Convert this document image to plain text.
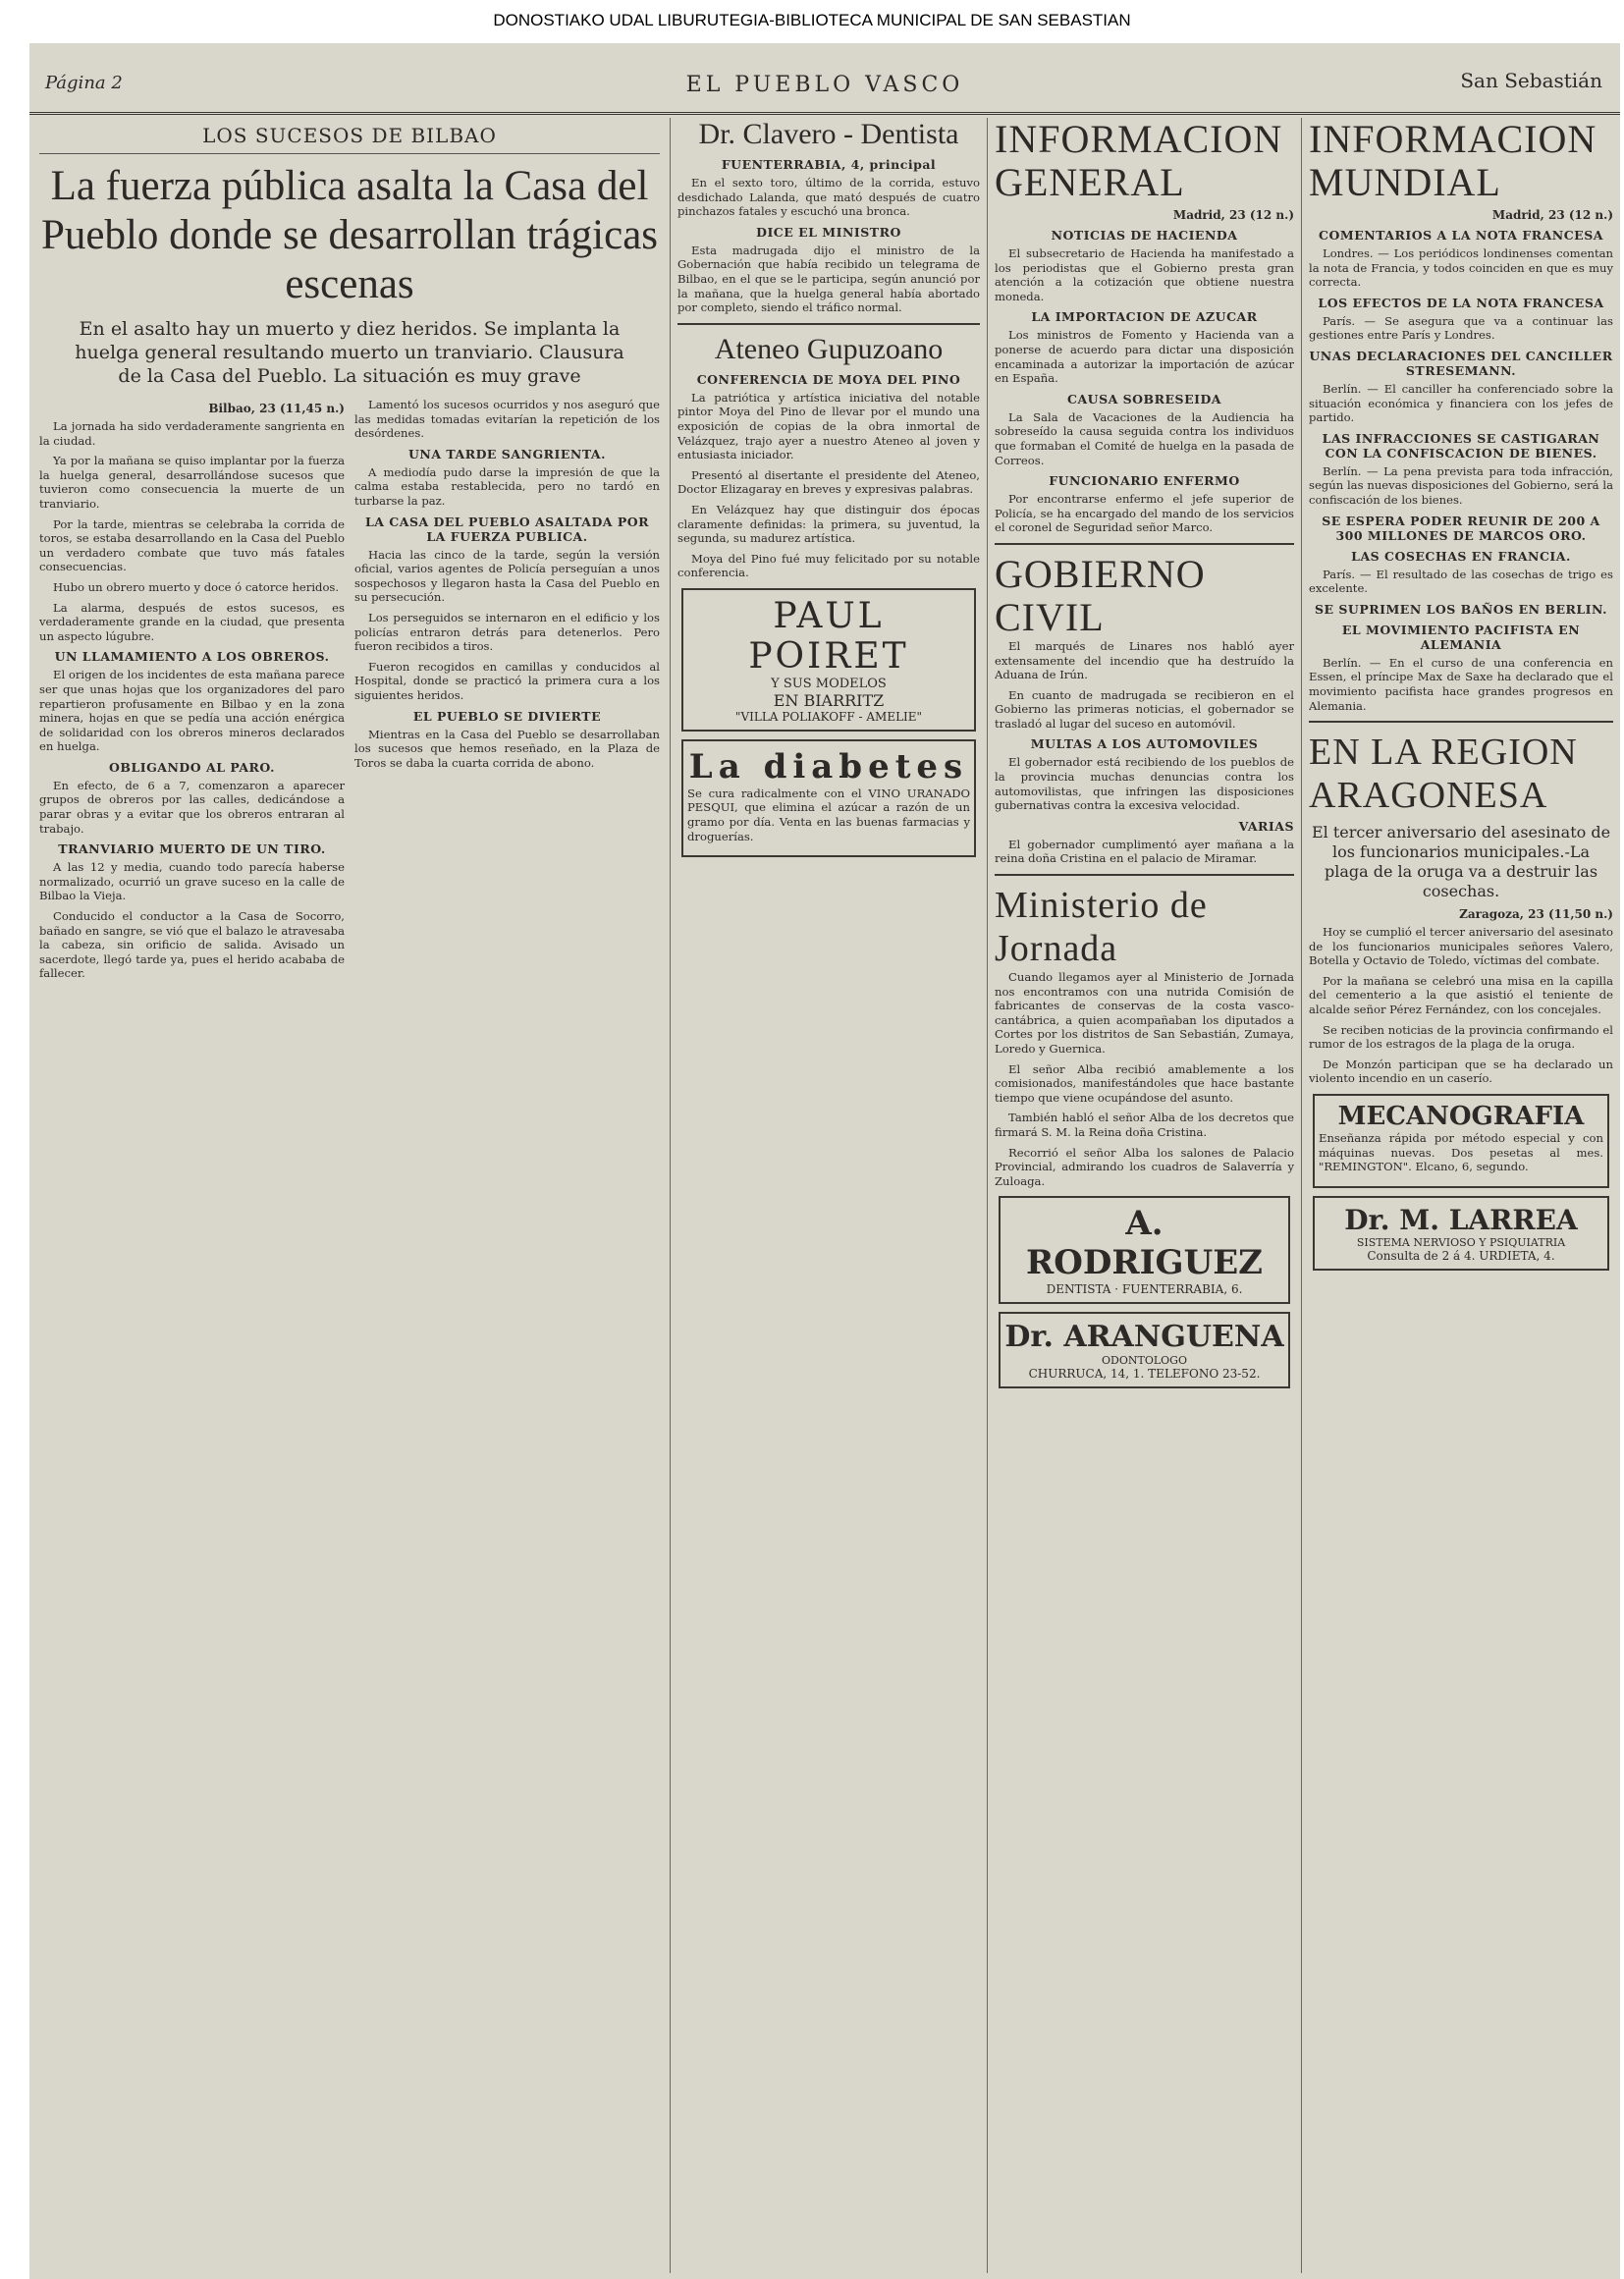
DONOSTIAKO UDAL LIBURUTEGIA-BIBLIOTECA MUNICIPAL DE SAN SEBASTIAN
Página 2	EL PUEBLO VASCO	San Sebastián
LOS SUCESOS DE BILBAO
La fuerza pública asalta la Casa del Pueblo donde se desarrollan trágicas escenas
En el asalto hay un muerto y diez heridos. Se implanta la huelga general resultando muerto un tranviario. Clausura de la Casa del Pueblo. La situación es muy grave
Bilbao, 23 (11,45 n.)

La jornada ha sido verdaderamente sangrienta en la ciudad.

Ya por la mañana se quiso implantar por la fuerza la huelga general, desarrollándose sucesos que tuvieron como consecuencia la muerte de un tranviario.

Por la tarde, mientras se celebraba la corrida de toros, se estaba desarrollando en la Casa del Pueblo un verdadero combate que tuvo más fatales consecuencias.

Hubo un obrero muerto y doce ó catorce heridos.

La alarma, después de estos sucesos, es verdaderamente grande en la ciudad, que presenta un aspecto lúgubre.

UN LLAMAMIENTO A LOS OBREROS.

El origen de los incidentes de esta mañana parece ser que unas hojas que los organizadores del paro repartieron profusamente en Bilbao y en la zona minera, hojas en que se pedía una acción enérgica de solidaridad con los obreros mineros declarados en huelga.

OBLIGANDO AL PARO.

En efecto, de 6 a 7, comenzaron a aparecer grupos de obreros por las calles, dedicándose a parar obras y a evitar que los obreros entraran al trabajo.

TRANVIARIO MUERTO DE UN TIRO.

A las 12 y media, cuando todo parecía haberse normalizado, ocurrió un grave suceso en la calle de Bilbao la Vieja.

Conducido el conductor a la Casa de Socorro, bañado en sangre, se vió que el balazo le atravesaba la cabeza, sin orificio de salida. Avisado un sacerdote, llegó tarde ya, pues el herido acababa de fallecer.

Lamentó los sucesos ocurridos y nos aseguró que las medidas tomadas evitarían la repetición de los desórdenes.

UNA TARDE SANGRIENTA.

A mediodía pudo darse la impresión de que la calma estaba restablecida, pero no tardó en turbarse la paz.

LA CASA DEL PUEBLO ASALTADA POR LA FUERZA PUBLICA.

Hacia las cinco de la tarde, según la versión oficial, varios agentes de Policía perseguían a unos sospechosos y llegaron hasta la Casa del Pueblo en su persecución.

Los perseguidos se internaron en el edificio y los policías entraron detrás para detenerlos. Pero fueron recibidos a tiros.

Fueron recogidos en camillas y conducidos al Hospital, donde se practicó la primera cura a los siguientes heridos.

EL PUEBLO SE DIVIERTE

Mientras en la Casa del Pueblo se desarrollaban los sucesos que hemos reseñado, en la Plaza de Toros se daba la cuarta corrida de abono.

Dr. Clavero - Dentista
FUENTERRABIA, 4, principal

En el sexto toro, último de la corrida, estuvo desdichado Lalanda, que mató después de cuatro pinchazos fatales y escuchó una bronca.

DICE EL MINISTRO

Esta madrugada dijo el ministro de la Gobernación que había recibido un telegrama de Bilbao, en el que se le participa, según anunció por la mañana, que la huelga general había abortado por completo, siendo el tráfico normal.

Ateneo Gupuzoano
CONFERENCIA DE MOYA DEL PINO

La patriótica y artística iniciativa del notable pintor Moya del Pino de llevar por el mundo una exposición de copias de la obra inmortal de Velázquez, trajo ayer a nuestro Ateneo al joven y entusiasta iniciador.

Presentó al disertante el presidente del Ateneo, Doctor Elizagaray en breves y expresivas palabras.

En Velázquez hay que distinguir dos épocas claramente definidas: la primera, su juventud, la segunda, su madurez artística.

Moya del Pino fué muy felicitado por su notable conferencia.

PAUL POIRET
Y SUS MODELOS
EN BIARRITZ
"VILLA POLIAKOFF - AMELIE"
La diabetes
Se cura radicalmente con el VINO URANADO PESQUI, que elimina el azúcar a razón de un gramo por día. Venta en las buenas farmacias y droguerías.
INFORMACION GENERAL
Madrid, 23 (12 n.)
NOTICIAS DE HACIENDA

El subsecretario de Hacienda ha manifestado a los periodistas que el Gobierno presta gran atención a la cotización que obtiene nuestra moneda.

LA IMPORTACION DE AZUCAR

Los ministros de Fomento y Hacienda van a ponerse de acuerdo para dictar una disposición encaminada a autorizar la importación de azúcar en España.

CAUSA SOBRESEIDA

La Sala de Vacaciones de la Audiencia ha sobreseído la causa seguida contra los individuos que formaban el Comité de huelga en la pasada de Correos.

FUNCIONARIO ENFERMO

Por encontrarse enfermo el jefe superior de Policía, se ha encargado del mando de los servicios el coronel de Seguridad señor Marco.

GOBIERNO CIVIL

El marqués de Linares nos habló ayer extensamente del incendio que ha destruído la Aduana de Irún.

En cuanto de madrugada se recibieron en el Gobierno las primeras noticias, el gobernador se trasladó al lugar del suceso en automóvil.

MULTAS A LOS AUTOMOVILES

El gobernador está recibiendo de los pueblos de la provincia muchas denuncias contra los automovilistas, que infringen las disposiciones gubernativas contra la excesiva velocidad.

VARIAS

El gobernador cumplimentó ayer mañana a la reina doña Cristina en el palacio de Miramar.

Ministerio de Jornada

Cuando llegamos ayer al Ministerio de Jornada nos encontramos con una nutrida Comisión de fabricantes de conservas de la costa vasco-cantábrica, a quien acompañaban los diputados a Cortes por los distritos de San Sebastián, Zumaya, Loredo y Guernica.

El señor Alba recibió amablemente a los comisionados, manifestándoles que hace bastante tiempo que viene ocupándose del asunto.

También habló el señor Alba de los decretos que firmará S. M. la Reina doña Cristina.

Recorrió el señor Alba los salones de Palacio Provincial, admirando los cuadros de Salaverría y Zuloaga.

A. RODRIGUEZ
DENTISTA · FUENTERRABIA, 6.
Dr. ARANGUENA
ODONTOLOGO
CHURRUCA, 14, 1. TELEFONO 23-52.
INFORMACION MUNDIAL
Madrid, 23 (12 n.)
COMENTARIOS A LA NOTA FRANCESA

Londres. — Los periódicos londinenses comentan la nota de Francia, y todos coinciden en que es muy correcta.

LOS EFECTOS DE LA NOTA FRANCESA

París. — Se asegura que va a continuar las gestiones entre París y Londres.

UNAS DECLARACIONES DEL CANCILLER STRESEMANN.

Berlín. — El canciller ha conferenciado sobre la situación económica y financiera con los jefes de partido.

LAS INFRACCIONES SE CASTIGARAN CON LA CONFISCACION DE BIENES.

Berlín. — La pena prevista para toda infracción, según las nuevas disposiciones del Gobierno, será la confiscación de los bienes.

SE ESPERA PODER REUNIR DE 200 A 300 MILLONES DE MARCOS ORO.
LAS COSECHAS EN FRANCIA.

París. — El resultado de las cosechas de trigo es excelente.

SE SUPRIMEN LOS BAÑOS EN BERLIN.
EL MOVIMIENTO PACIFISTA EN ALEMANIA

Berlín. — En el curso de una conferencia en Essen, el príncipe Max de Saxe ha declarado que el movimiento pacifista hace grandes progresos en Alemania.

EN LA REGION ARAGONESA
El tercer aniversario del asesinato de los funcionarios municipales.-La plaga de la oruga va a destruir las cosechas.
Zaragoza, 23 (11,50 n.)

Hoy se cumplió el tercer aniversario del asesinato de los funcionarios municipales señores Valero, Botella y Octavio de Toledo, víctimas del combate.

Por la mañana se celebró una misa en la capilla del cementerio a la que asistió el teniente de alcalde señor Pérez Fernández, con los concejales.

Se reciben noticias de la provincia confirmando el rumor de los estragos de la plaga de la oruga.

De Monzón participan que se ha declarado un violento incendio en un caserío.

MECANOGRAFIA
Enseñanza rápida por método especial y con máquinas nuevas. Dos pesetas al mes. "REMINGTON". Elcano, 6, segundo.
Dr. M. LARREA
SISTEMA NERVIOSO Y PSIQUIATRIA
Consulta de 2 á 4. URDIETA, 4.
